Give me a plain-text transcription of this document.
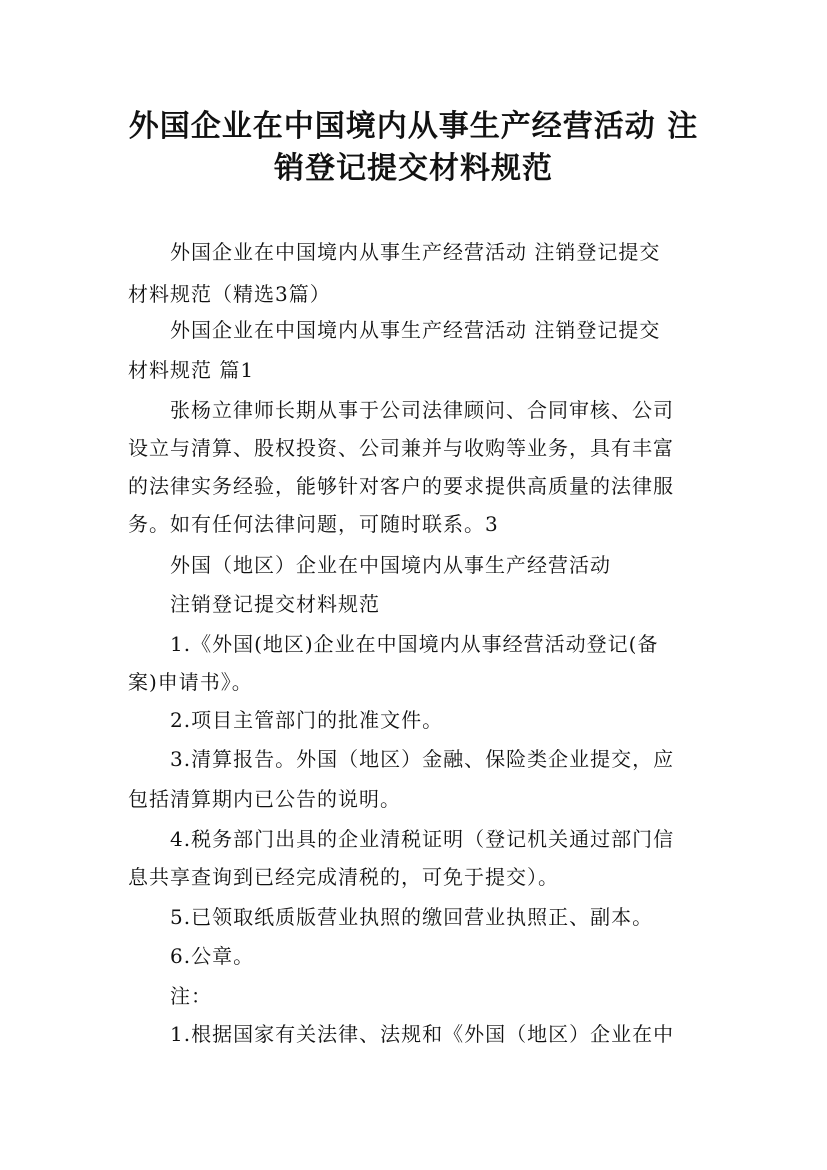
外国企业在中国境内从事生产经营活动 注
销登记提交材料规范
外国企业在中国境内从事生产经营活动 注销登记提交
材料规范（精选3篇）
外国企业在中国境内从事生产经营活动 注销登记提交
材料规范 篇1
张杨立律师长期从事于公司法律顾问、合同审核、公司
设立与清算、股权投资、公司兼并与收购等业务，具有丰富
的法律实务经验，能够针对客户的要求提供高质量的法律服
务。如有任何法律问题，可随时联系。3
外国（地区）企业在中国境内从事生产经营活动
注销登记提交材料规范
1.《外国(地区)企业在中国境内从事经营活动登记(备
案)申请书》。
2.项目主管部门的批准文件。
3.清算报告。外国（地区）金融、保险类企业提交，应
包括清算期内已公告的说明。
4.税务部门出具的企业清税证明（登记机关通过部门信
息共享查询到已经完成清税的，可免于提交）。
5.已领取纸质版营业执照的缴回营业执照正、副本。
6.公章。
注：
1.根据国家有关法律、法规和《外国（地区）企业在中
